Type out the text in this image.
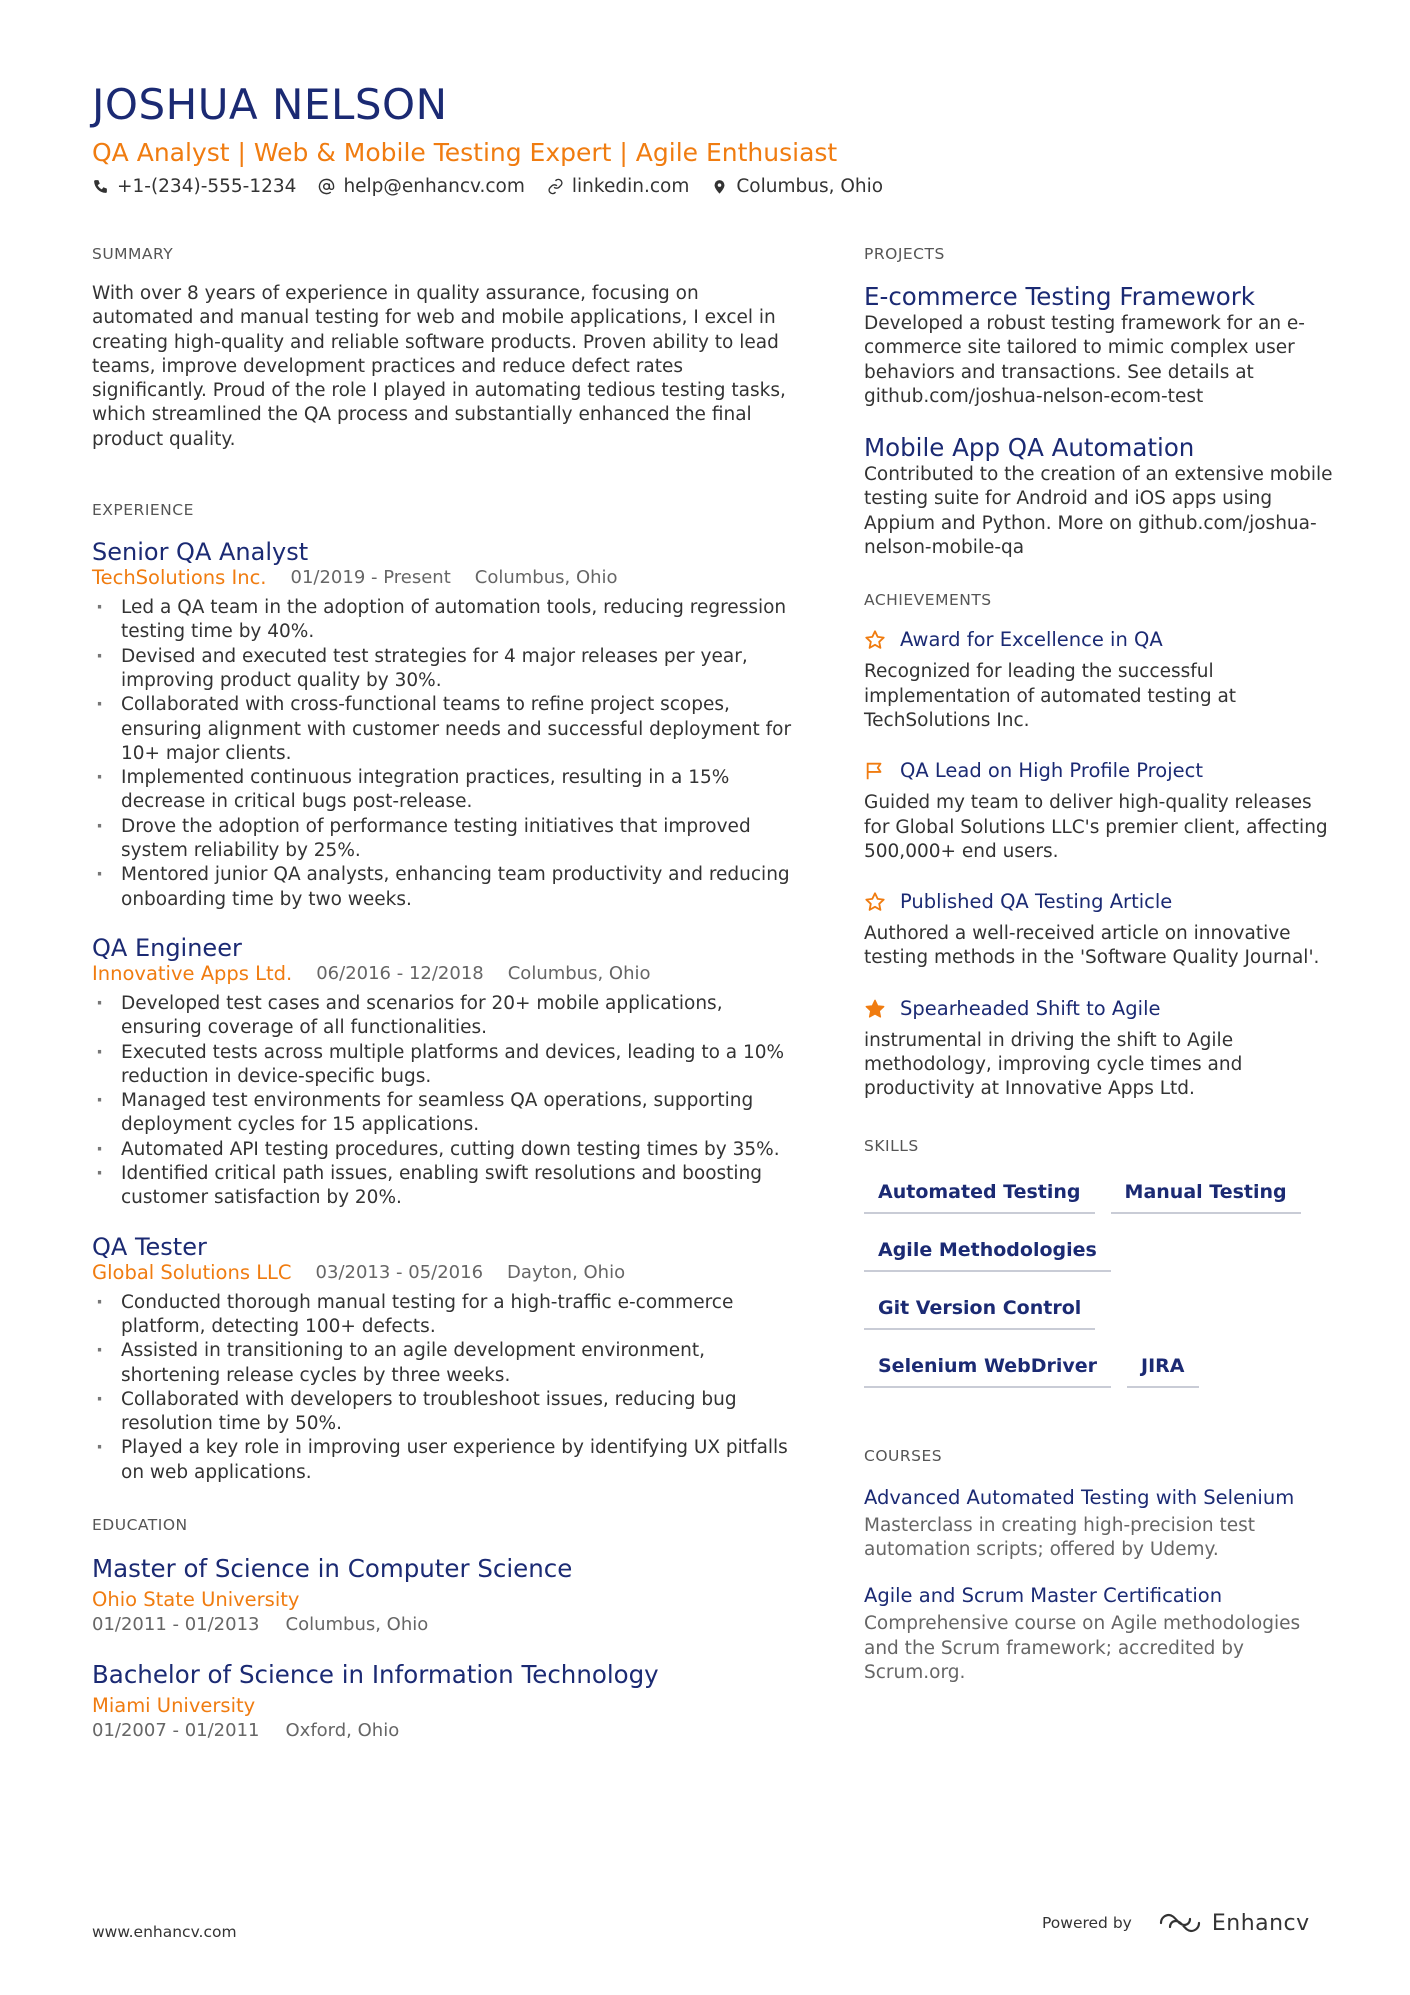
JOSHUA NELSON
QA Analyst | Web & Mobile Testing Expert | Agile Enthusiast
+1-(234)-555-1234	help@enhancv.com	linkedin.com	Columbus, Ohio
SUMMARY

With over 8 years of experience in quality assurance, focusing on automated and manual testing for web and mobile applications, I excel in creating high-quality and reliable software products. Proven ability to lead teams, improve development practices and reduce defect rates significantly. Proud of the role I played in automating tedious testing tasks, which streamlined the QA process and substantially enhanced the final product quality.

EXPERIENCE
Senior QA Analyst
TechSolutions Inc. 01/2019 - Present Columbus, Ohio
· Led a QA team in the adoption of automation tools, reducing regression testing time by 40%.
· Devised and executed test strategies for 4 major releases per year, improving product quality by 30%.
· Collaborated with cross-functional teams to refine project scopes, ensuring alignment with customer needs and successful deployment for 10+ major clients.
· Implemented continuous integration practices, resulting in a 15% decrease in critical bugs post-release.
· Drove the adoption of performance testing initiatives that improved system reliability by 25%.
· Mentored junior QA analysts, enhancing team productivity and reducing onboarding time by two weeks.
QA Engineer
Innovative Apps Ltd. 06/2016 - 12/2018 Columbus, Ohio
· Developed test cases and scenarios for 20+ mobile applications, ensuring coverage of all functionalities.
· Executed tests across multiple platforms and devices, leading to a 10% reduction in device-specific bugs.
· Managed test environments for seamless QA operations, supporting deployment cycles for 15 applications.
· Automated API testing procedures, cutting down testing times by 35%.
· Identified critical path issues, enabling swift resolutions and boosting customer satisfaction by 20%.
QA Tester
Global Solutions LLC 03/2013 - 05/2016 Dayton, Ohio
· Conducted thorough manual testing for a high-traffic e-commerce platform, detecting 100+ defects.
· Assisted in transitioning to an agile development environment, shortening release cycles by three weeks.
· Collaborated with developers to troubleshoot issues, reducing bug resolution time by 50%.
· Played a key role in improving user experience by identifying UX pitfalls on web applications.
EDUCATION
Master of Science in Computer Science
Ohio State University
01/2011 - 01/2013 Columbus, Ohio
Bachelor of Science in Information Technology
Miami University
01/2007 - 01/2011 Oxford, Ohio
PROJECTS
E-commerce Testing Framework
Developed a robust testing framework for an e-commerce site tailored to mimic complex user behaviors and transactions. See details at github.com/joshua-nelson-ecom-test
Mobile App QA Automation
Contributed to the creation of an extensive mobile testing suite for Android and iOS apps using Appium and Python. More on github.com/joshua-nelson-mobile-qa
ACHIEVEMENTS
Award for Excellence in QA
Recognized for leading the successful implementation of automated testing at TechSolutions Inc.
QA Lead on High Profile Project
Guided my team to deliver high-quality releases for Global Solutions LLC's premier client, affecting 500,000+ end users.
Published QA Testing Article
Authored a well-received article on innovative testing methods in the 'Software Quality Journal'.
Spearheaded Shift to Agile
instrumental in driving the shift to Agile methodology, improving cycle times and productivity at Innovative Apps Ltd.
SKILLS
Automated Testing	Manual Testing
Agile Methodologies
Git Version Control
Selenium WebDriver	JIRA
COURSES
Advanced Automated Testing with Selenium
Masterclass in creating high-precision test automation scripts; offered by Udemy.
Agile and Scrum Master Certification
Comprehensive course on Agile methodologies and the Scrum framework; accredited by Scrum.org.
www.enhancv.com	Powered by	Enhancv
